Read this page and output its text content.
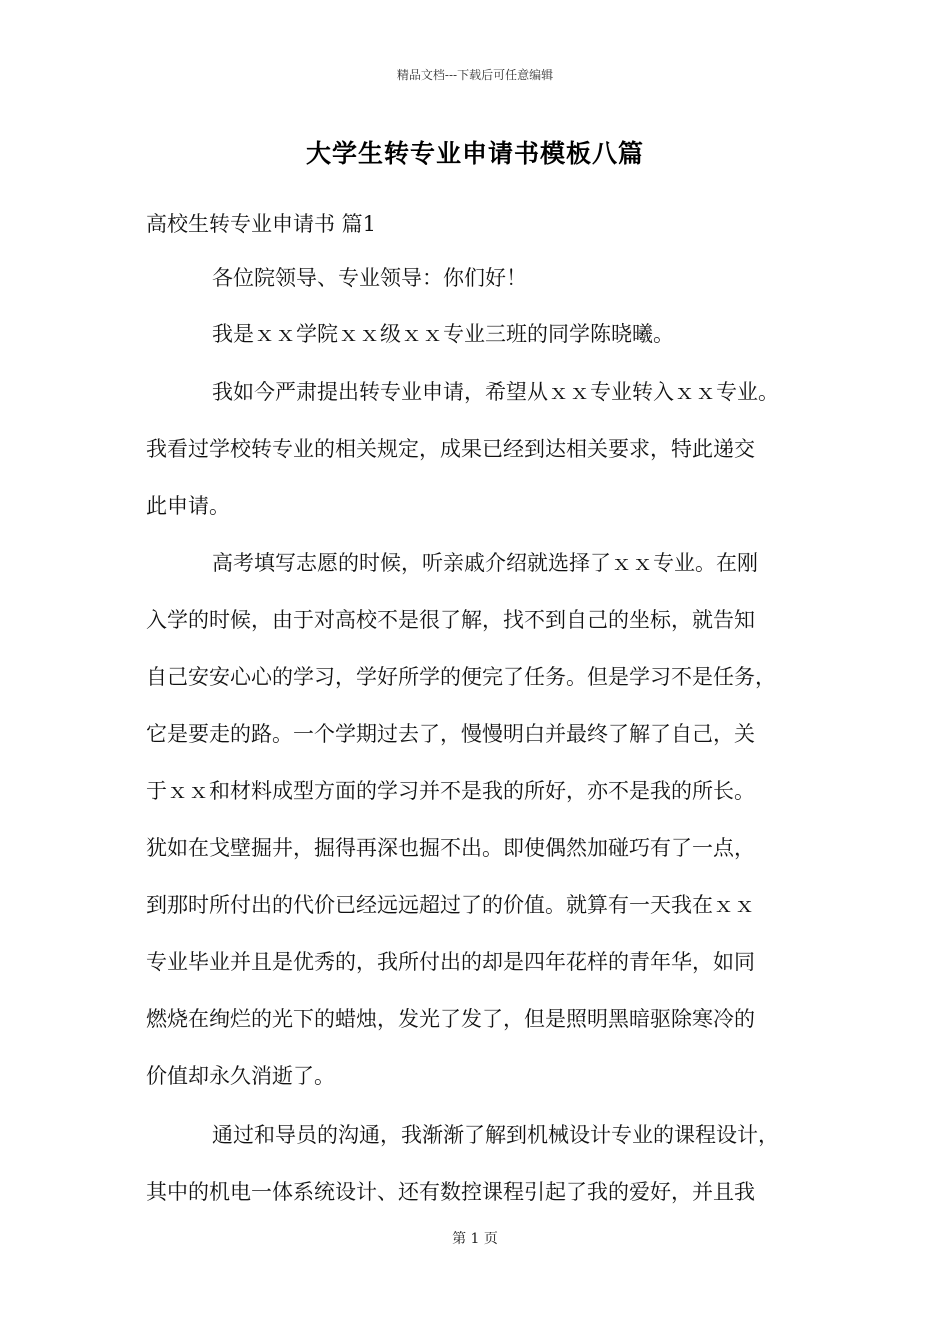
精品文档---下载后可任意编辑
大学生转专业申请书模板八篇
高校生转专业申请书 篇1
各位院领导、专业领导：你们好！
我是ｘｘ学院ｘｘ级ｘｘ专业三班的同学陈晓曦。
我如今严肃提出转专业申请，希望从ｘｘ专业转入ｘｘ专业。
我看过学校转专业的相关规定，成果已经到达相关要求，特此递交
此申请。
高考填写志愿的时候，听亲戚介绍就选择了ｘｘ专业。在刚
入学的时候，由于对高校不是很了解，找不到自己的坐标，就告知
自己安安心心的学习，学好所学的便完了任务。但是学习不是任务，
它是要走的路。一个学期过去了，慢慢明白并最终了解了自己，关
于ｘｘ和材料成型方面的学习并不是我的所好，亦不是我的所长。
犹如在戈壁掘井，掘得再深也掘不出。即使偶然加碰巧有了一点，
到那时所付出的代价已经远远超过了的价值。就算有一天我在ｘｘ
专业毕业并且是优秀的，我所付出的却是四年花样的青年华，如同
燃烧在绚烂的光下的蜡烛，发光了发了，但是照明黑暗驱除寒冷的
价值却永久消逝了。
通过和导员的沟通，我渐渐了解到机械设计专业的课程设计，
其中的机电一体系统设计、还有数控课程引起了我的爱好，并且我
第 1 页
